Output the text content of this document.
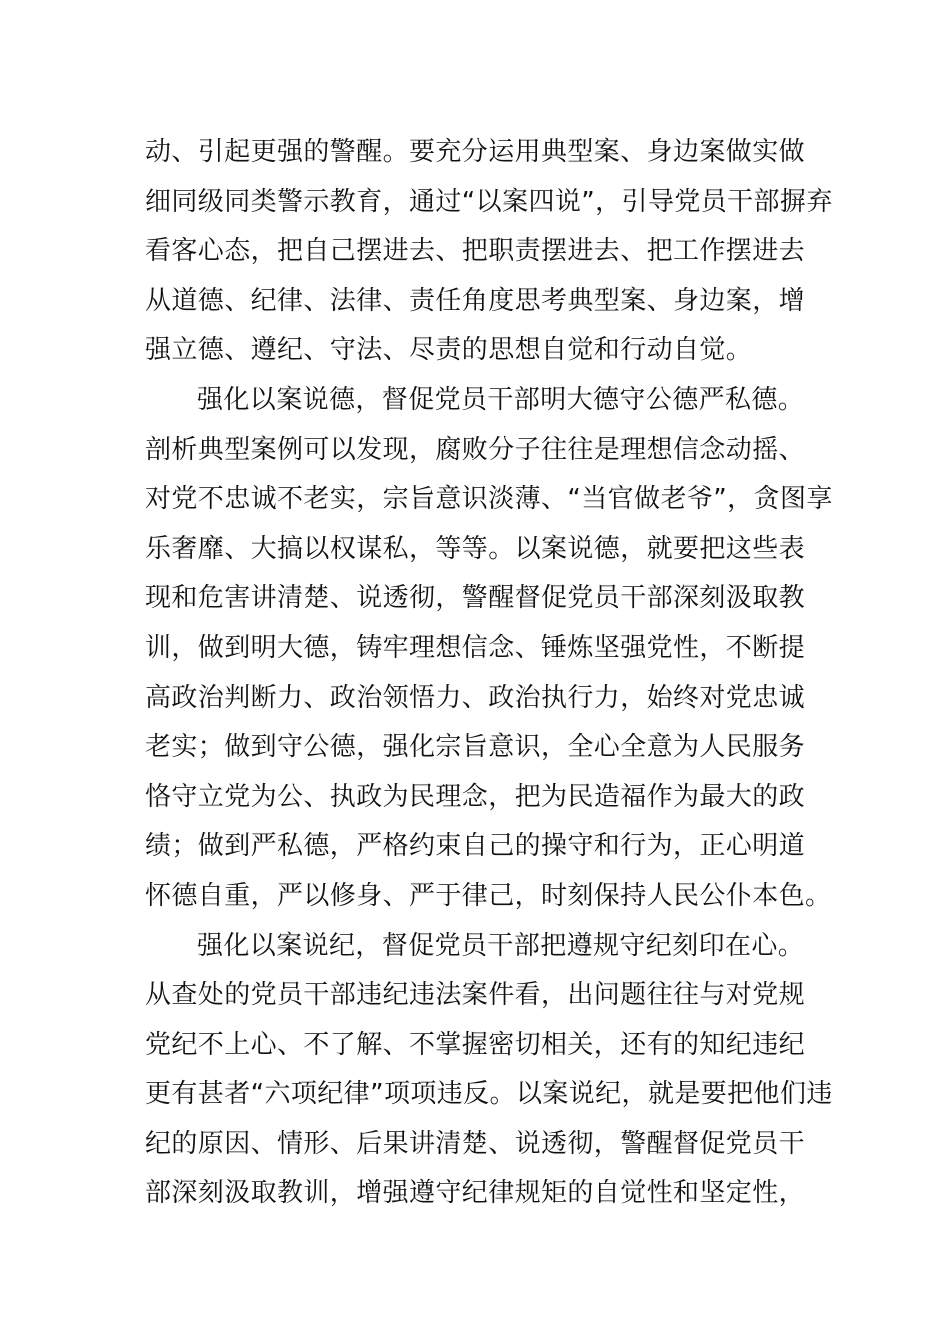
动、引起更强的警醒。要充分运用典型案、身边案做实做
细同级同类警示教育，通过“以案四说”，引导党员干部摒弃
看客心态，把自己摆进去、把职责摆进去、把工作摆进去
从道德、纪律、法律、责任角度思考典型案、身边案，增
强立德、遵纪、守法、尽责的思想自觉和行动自觉。
强化以案说德，督促党员干部明大德守公德严私德。
剖析典型案例可以发现，腐败分子往往是理想信念动摇、
对党不忠诚不老实，宗旨意识淡薄、“当官做老爷”，贪图享
乐奢靡、大搞以权谋私，等等。以案说德，就要把这些表
现和危害讲清楚、说透彻，警醒督促党员干部深刻汲取教
训，做到明大德，铸牢理想信念、锤炼坚强党性，不断提
高政治判断力、政治领悟力、政治执行力，始终对党忠诚
老实；做到守公德，强化宗旨意识，全心全意为人民服务
恪守立党为公、执政为民理念，把为民造福作为最大的政
绩；做到严私德，严格约束自己的操守和行为，正心明道
怀德自重，严以修身、严于律己，时刻保持人民公仆本色。
强化以案说纪，督促党员干部把遵规守纪刻印在心。
从查处的党员干部违纪违法案件看，出问题往往与对党规
党纪不上心、不了解、不掌握密切相关，还有的知纪违纪
更有甚者“六项纪律”项项违反。以案说纪，就是要把他们违
纪的原因、情形、后果讲清楚、说透彻，警醒督促党员干
部深刻汲取教训，增强遵守纪律规矩的自觉性和坚定性，
